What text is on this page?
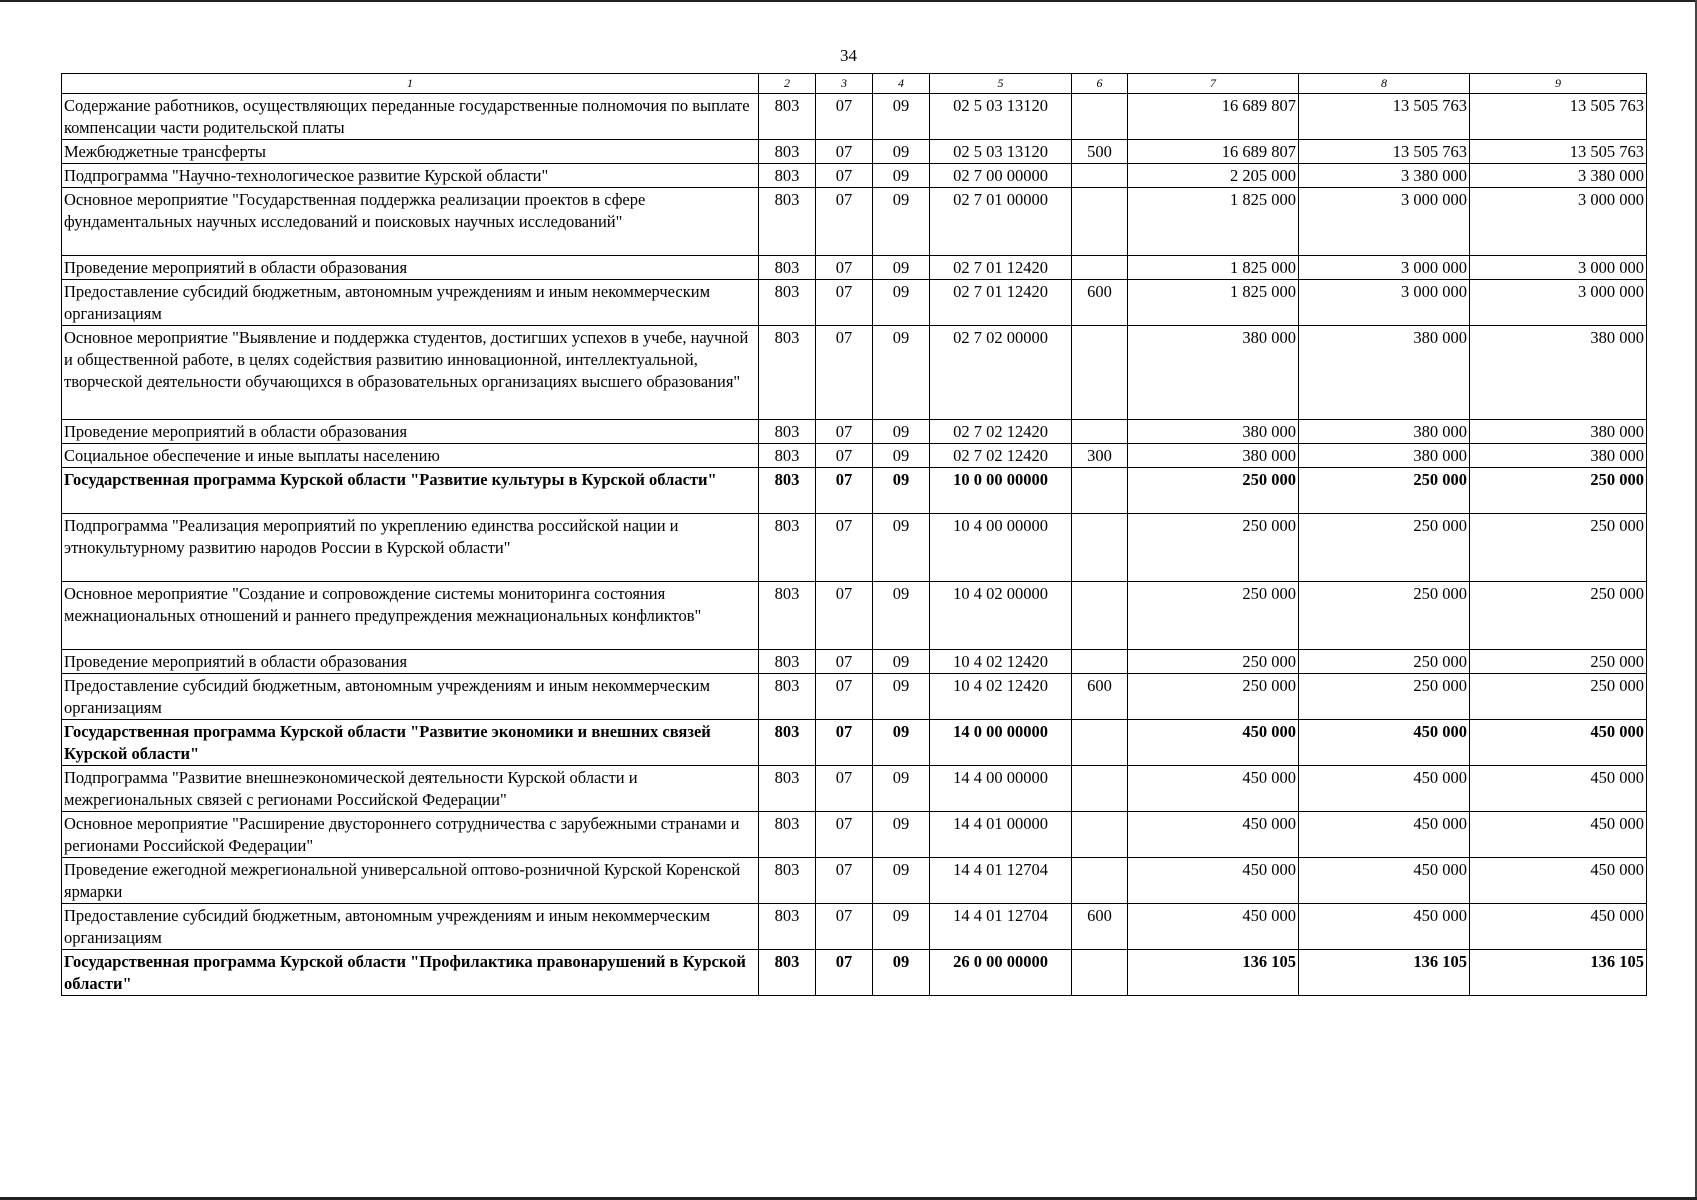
34
1	2	3	4	5	6	7	8	9
Содержание работников, осуществляющих переданные государственные полномочия по выплате компенсации части родительской платы	803	07	09	02 5 03 13120		16 689 807	13 505 763	13 505 763
Межбюджетные трансферты	803	07	09	02 5 03 13120	500	16 689 807	13 505 763	13 505 763
Подпрограмма "Научно-технологическое развитие Курской области"	803	07	09	02 7 00 00000		2 205 000	3 380 000	3 380 000
Основное мероприятие "Государственная поддержка реализации проектов в сфере фундаментальных научных исследований и поисковых научных исследований"	803	07	09	02 7 01 00000		1 825 000	3 000 000	3 000 000
Проведение мероприятий в области образования	803	07	09	02 7 01 12420		1 825 000	3 000 000	3 000 000
Предоставление субсидий бюджетным, автономным учреждениям и иным некоммерческим организациям	803	07	09	02 7 01 12420	600	1 825 000	3 000 000	3 000 000
Основное мероприятие "Выявление и поддержка студентов, достигших успехов в учебе, научной и общественной работе, в целях содействия развитию инновационной, интеллектуальной, творческой деятельности обучающихся в образовательных организациях высшего образования"	803	07	09	02 7 02 00000		380 000	380 000	380 000
Проведение мероприятий в области образования	803	07	09	02 7 02 12420		380 000	380 000	380 000
Социальное обеспечение и иные выплаты населению	803	07	09	02 7 02 12420	300	380 000	380 000	380 000
Государственная программа Курской области "Развитие культуры в Курской области"	803	07	09	10 0 00 00000		250 000	250 000	250 000
Подпрограмма "Реализация мероприятий по укреплению единства российской нации и этнокультурному развитию народов России в Курской области"	803	07	09	10 4 00 00000		250 000	250 000	250 000
Основное мероприятие "Создание и сопровождение системы мониторинга состояния межнациональных отношений и раннего предупреждения межнациональных конфликтов"	803	07	09	10 4 02 00000		250 000	250 000	250 000
Проведение мероприятий в области образования	803	07	09	10 4 02 12420		250 000	250 000	250 000
Предоставление субсидий бюджетным, автономным учреждениям и иным некоммерческим организациям	803	07	09	10 4 02 12420	600	250 000	250 000	250 000
Государственная программа Курской области "Развитие экономики и внешних связей Курской области"	803	07	09	14 0 00 00000		450 000	450 000	450 000
Подпрограмма "Развитие внешнеэкономической деятельности Курской области и межрегиональных связей с регионами Российской Федерации"	803	07	09	14 4 00 00000		450 000	450 000	450 000
Основное мероприятие "Расширение двустороннего сотрудничества с зарубежными странами и регионами Российской Федерации"	803	07	09	14 4 01 00000		450 000	450 000	450 000
Проведение ежегодной межрегиональной универсальной оптово-розничной Курской Коренской ярмарки	803	07	09	14 4 01 12704		450 000	450 000	450 000
Предоставление субсидий бюджетным, автономным учреждениям и иным некоммерческим организациям	803	07	09	14 4 01 12704	600	450 000	450 000	450 000
Государственная программа Курской области "Профилактика правонарушений в Курской области"	803	07	09	26 0 00 00000		136 105	136 105	136 105
